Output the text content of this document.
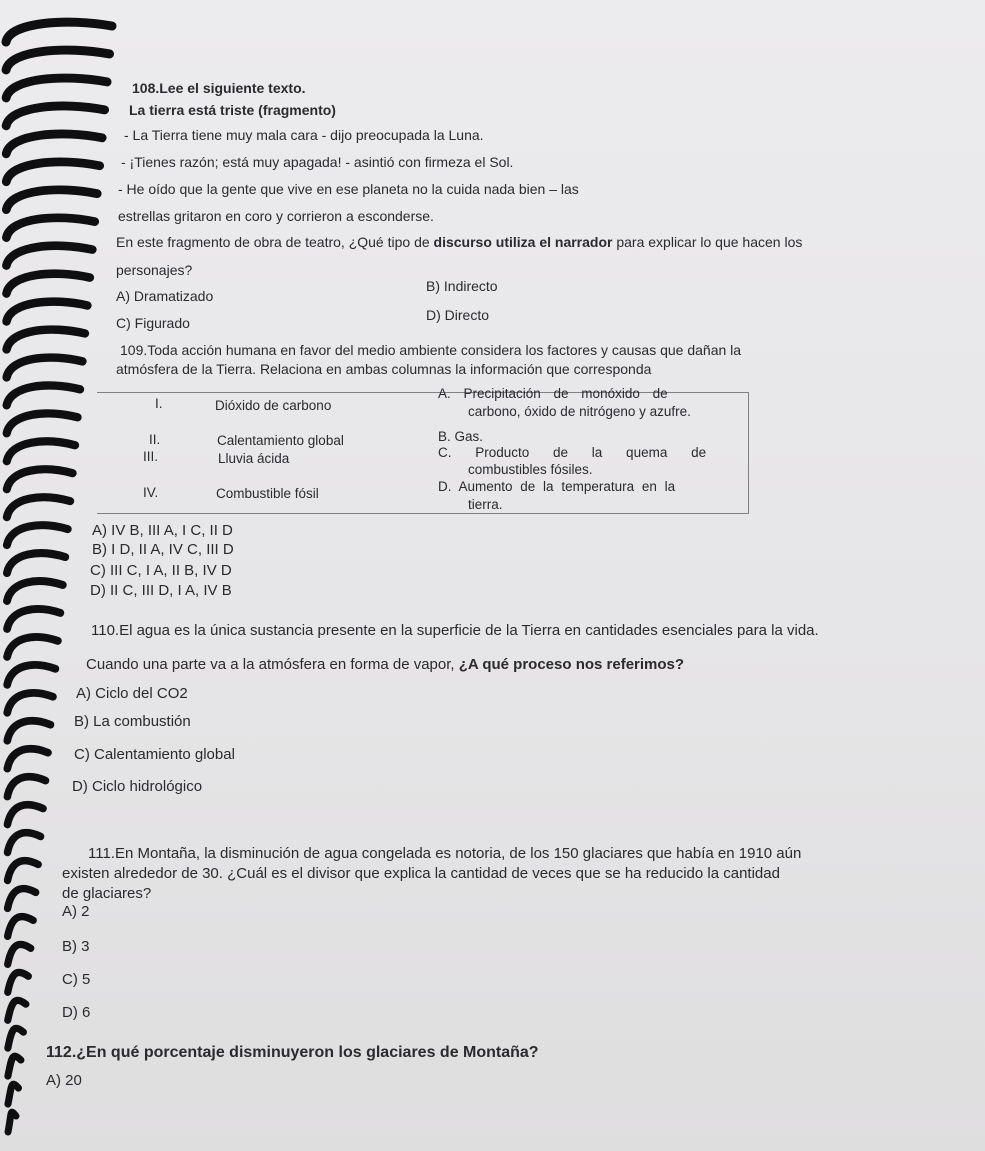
108.Lee el siguiente texto.
La tierra está triste (fragmento)
- La Tierra tiene muy mala cara - dijo preocupada la Luna.
- ¡Tienes razón; está muy apagada! - asintió con firmeza el Sol.
- He oído que la gente que vive en ese planeta no la cuida nada bien – las
estrellas gritaron en coro y corrieron a esconderse.
En este fragmento de obra de teatro, ¿Qué tipo de discurso utiliza el narrador para explicar lo que hacen los
personajes?
A) Dramatizado
B) Indirecto
C) Figurado	D) Directo
109.Toda acción humana en favor del medio ambiente considera los factores y causas que dañan la
atmósfera de la Tierra. Relaciona en ambas columnas la información que corresponda
I.	Dióxido de carbono
II.	Calentamiento global
III.	Lluvia ácida
IV.	Combustible fósil
A. Precipitación de monóxido de
carbono, óxido de nitrógeno y azufre.
B. Gas.
C. Producto de la quema de
combustibles fósiles.
D. Aumento de la temperatura en la
tierra.
A) IV B, III A, I C, II D
B) I D, II A, IV C, III D
C) III C, I A, II B, IV D
D) II C, III D, I A, IV B
110.El agua es la única sustancia presente en la superficie de la Tierra en cantidades esenciales para la vida.
Cuando una parte va a la atmósfera en forma de vapor, ¿A qué proceso nos referimos?
A) Ciclo del CO2
B) La combustión
C) Calentamiento global
D) Ciclo hidrológico
111.En Montaña, la disminución de agua congelada es notoria, de los 150 glaciares que había en 1910 aún
existen alrededor de 30. ¿Cuál es el divisor que explica la cantidad de veces que se ha reducido la cantidad
de glaciares?
A) 2
B) 3
C) 5
D) 6
112.¿En qué porcentaje disminuyeron los glaciares de Montaña?
A) 20
